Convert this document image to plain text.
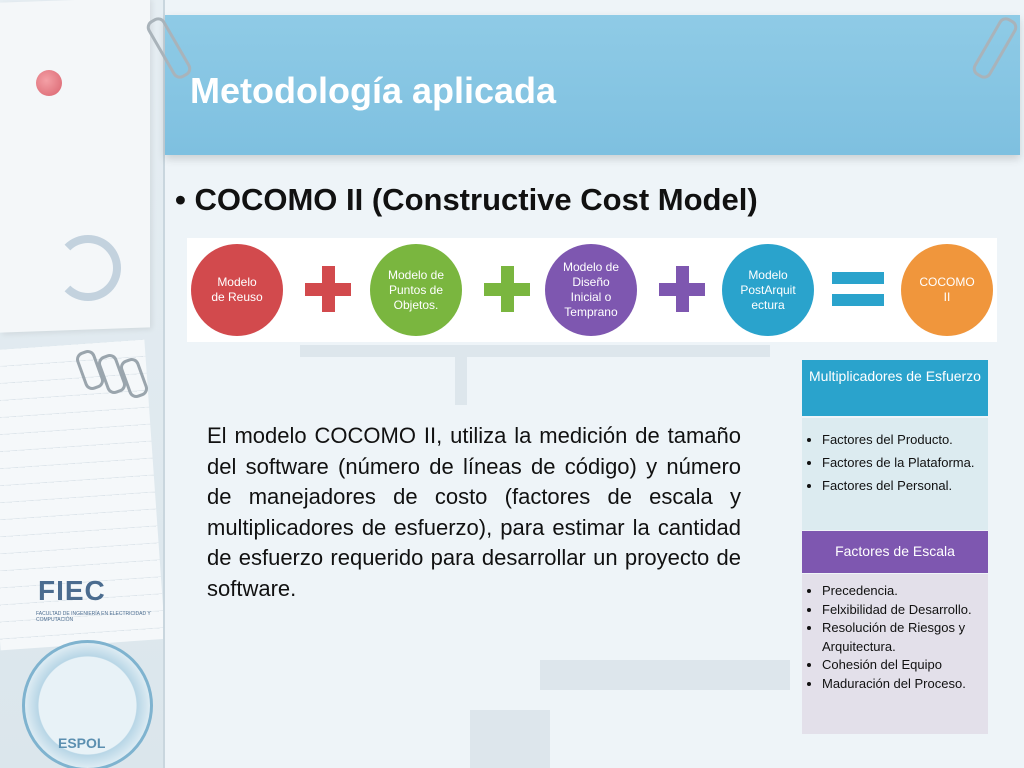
FIEC
FACULTAD DE INGENIERÍA EN ELECTRICIDAD Y COMPUTACIÓN
ESPOL
Metodología aplicada
• COCOMO II (Constructive Cost Model)
Modelo
de Reuso
Modelo de
Puntos de
Objetos.
Modelo de
Diseño
Inicial o
Temprano
Modelo
PostArquit
ectura
COCOMO
II
El modelo COCOMO II, utiliza la medición de tamaño del software (número de líneas de código) y número de manejadores de costo (factores de escala y multiplicadores de esfuerzo), para estimar la cantidad de esfuerzo requerido para desarrollar un proyecto de software.
Multiplicadores de Esfuerzo
• Factores del Producto.
• Factores de la Plataforma.
• Factores del Personal.
Factores de Escala
• Precedencia.
• Felxibilidad de Desarrollo.
• Resolución de Riesgos y Arquitectura.
• Cohesión del Equipo
• Maduración del Proceso.
